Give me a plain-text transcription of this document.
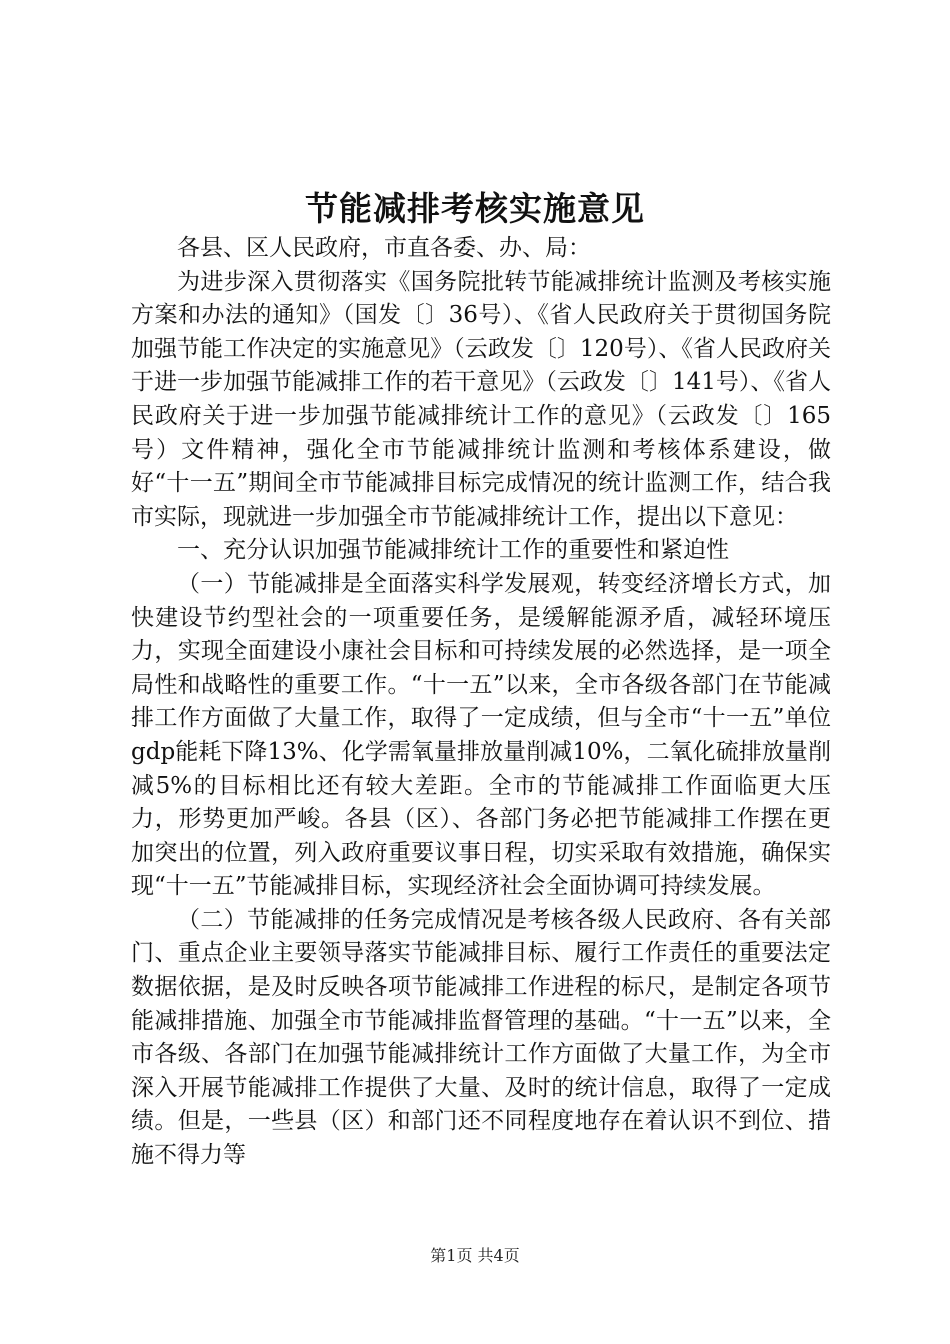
节能减排考核实施意见

各县、区人民政府，市直各委、办、局：

为进步深入贯彻落实《国务院批转节能减排统计监测及考核实施方案和办法的通知》（国发〔〕36号）、《省人民政府关于贯彻国务院加强节能工作决定的实施意见》（云政发〔〕120号）、《省人民政府关于进一步加强节能减排工作的若干意见》（云政发〔〕141号）、《省人民政府关于进一步加强节能减排统计工作的意见》（云政发〔〕165号）文件精神，强化全市节能减排统计监测和考核体系建设，做好“十一五”期间全市节能减排目标完成情况的统计监测工作，结合我市实际，现就进一步加强全市节能减排统计工作，提出以下意见：

一、充分认识加强节能减排统计工作的重要性和紧迫性

（一）节能减排是全面落实科学发展观，转变经济增长方式，加快建设节约型社会的一项重要任务，是缓解能源矛盾，减轻环境压力，实现全面建设小康社会目标和可持续发展的必然选择，是一项全局性和战略性的重要工作。“十一五”以来，全市各级各部门在节能减排工作方面做了大量工作，取得了一定成绩，但与全市“十一五”单位gdp能耗下降13%、化学需氧量排放量削减10%，二氧化硫排放量削减5%的目标相比还有较大差距。全市的节能减排工作面临更大压力，形势更加严峻。各县（区）、各部门务必把节能减排工作摆在更加突出的位置，列入政府重要议事日程，切实采取有效措施，确保实现“十一五”节能减排目标，实现经济社会全面协调可持续发展。

（二）节能减排的任务完成情况是考核各级人民政府、各有关部门、重点企业主要领导落实节能减排目标、履行工作责任的重要法定数据依据，是及时反映各项节能减排工作进程的标尺，是制定各项节能减排措施、加强全市节能减排监督管理的基础。“十一五”以来，全市各级、各部门在加强节能减排统计工作方面做了大量工作，为全市深入开展节能减排工作提供了大量、及时的统计信息，取得了一定成绩。但是，一些县（区）和部门还不同程度地存在着认识不到位、措施不得力等

第1页 共4页
